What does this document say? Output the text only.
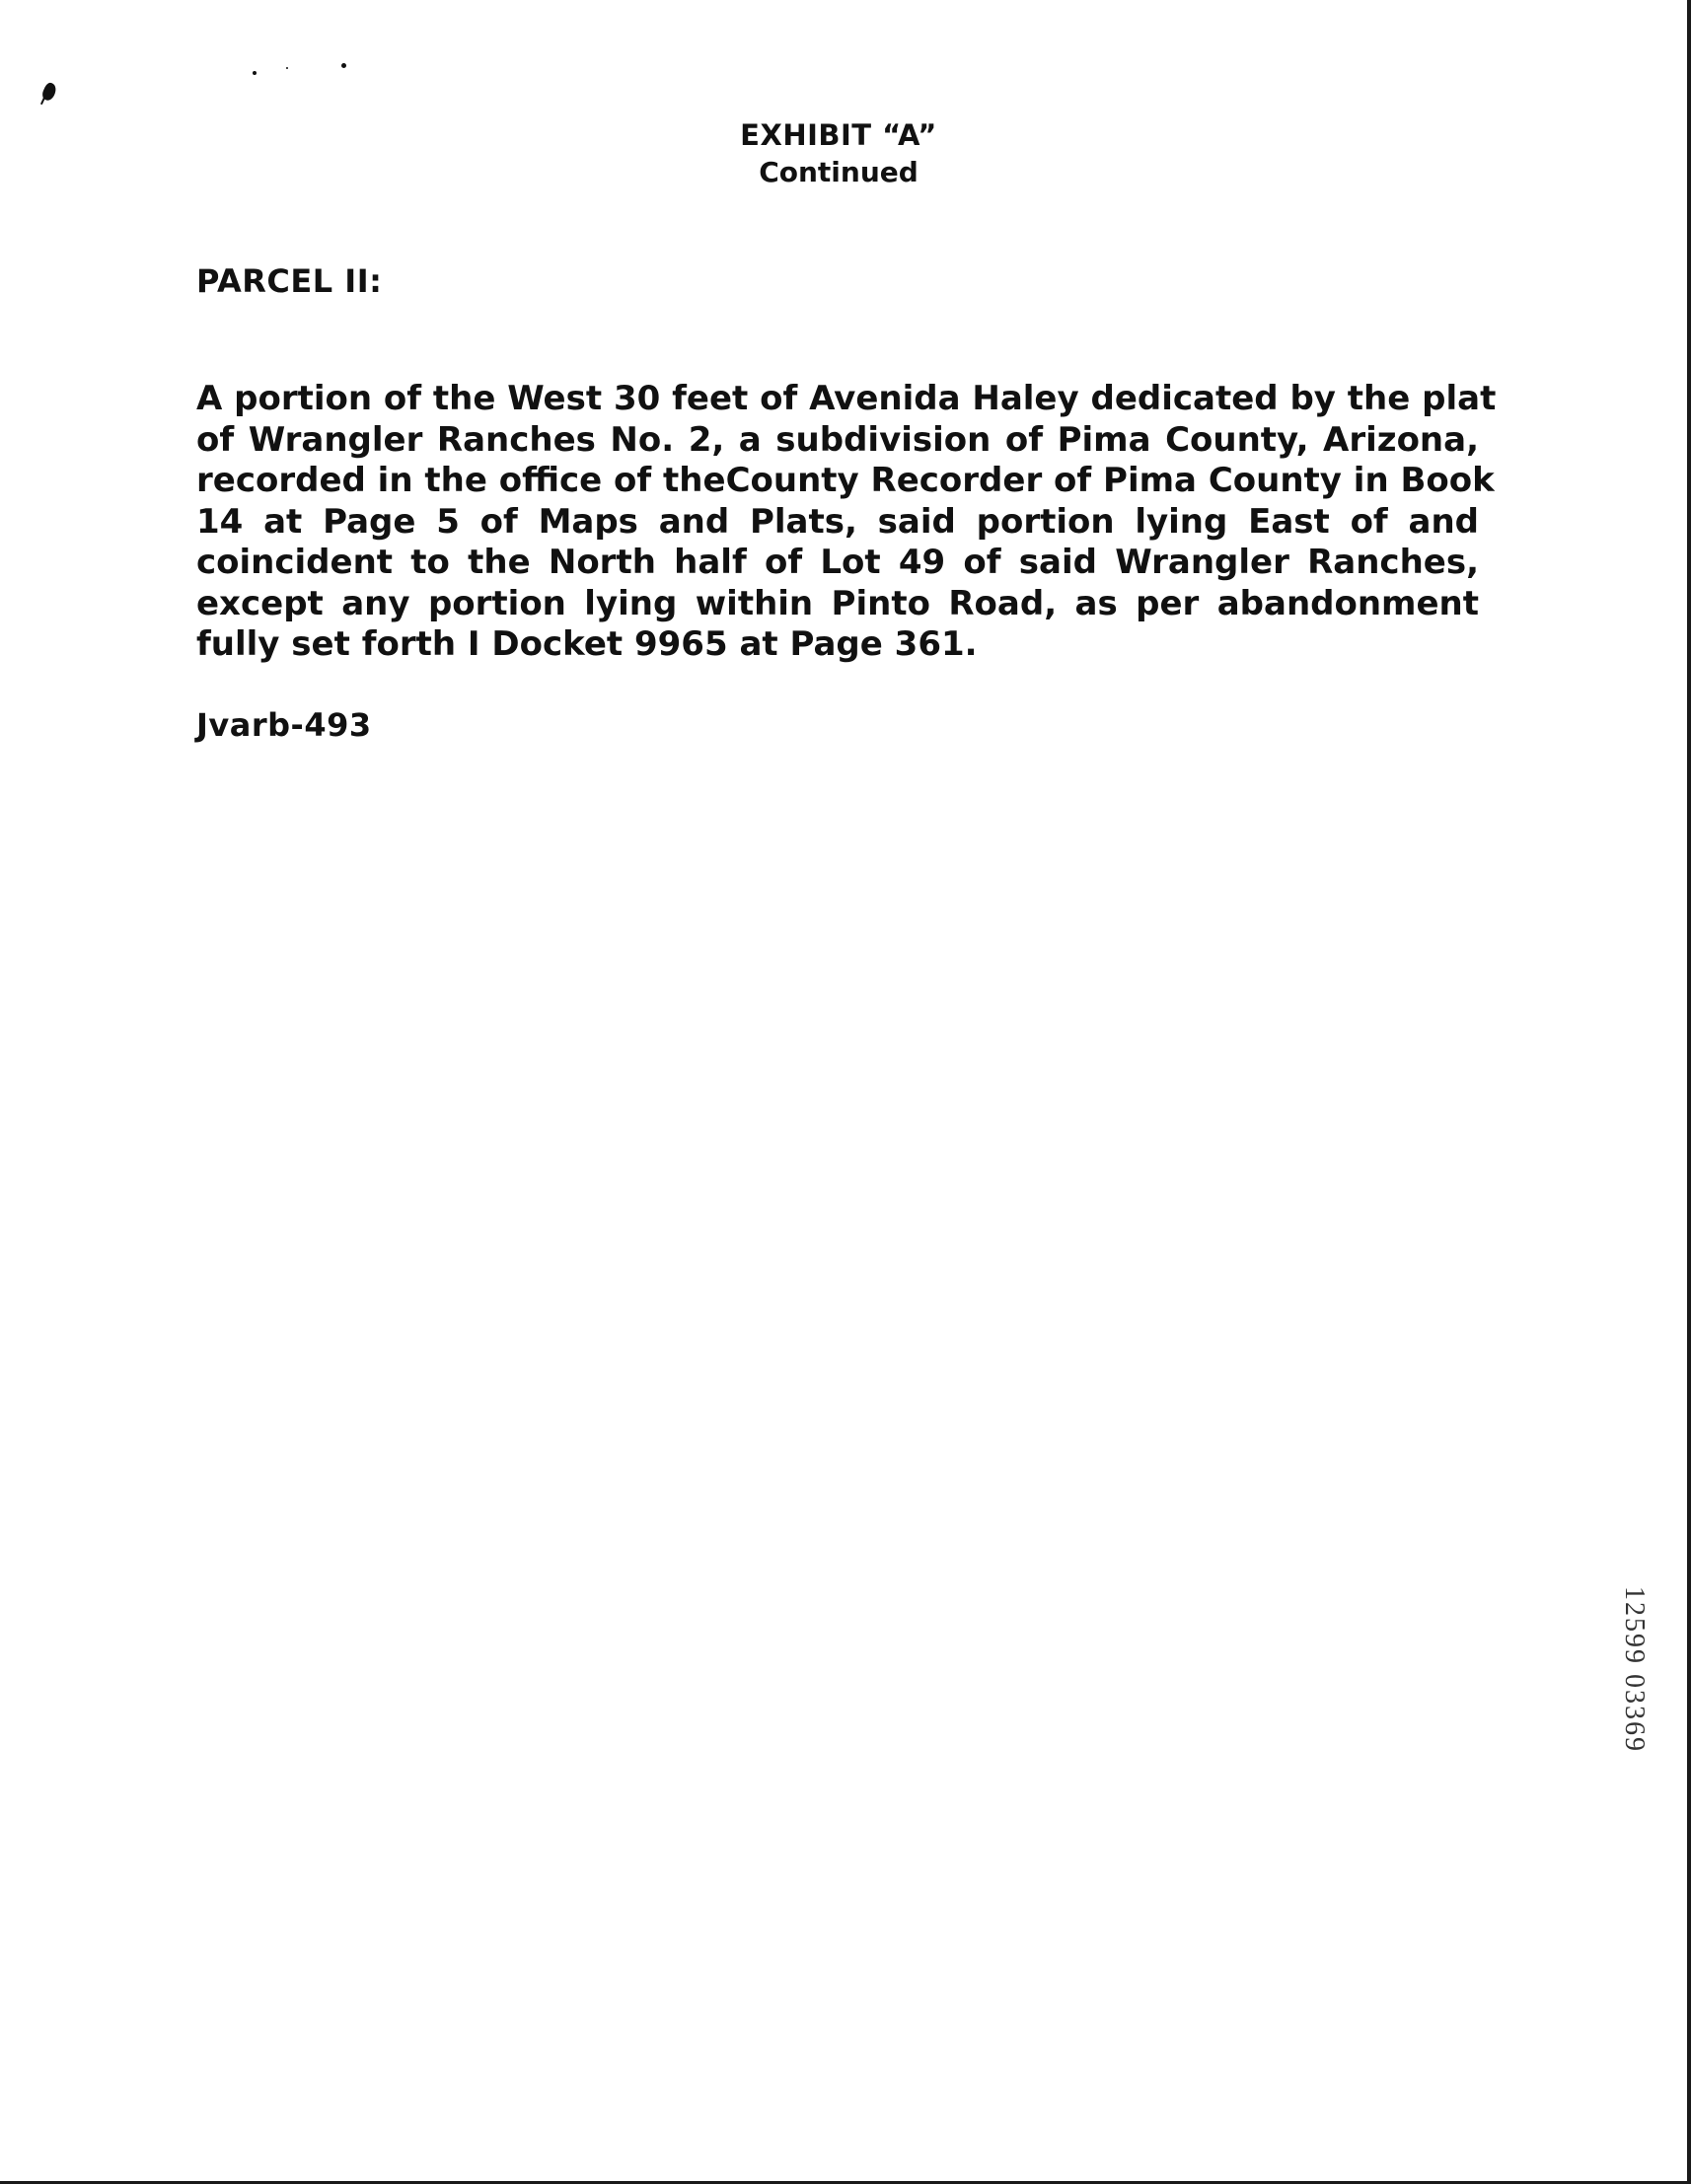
EXHIBIT “A”
Continued
PARCEL II:
A portion of the West 30 feet of Avenida Haley dedicated by the plat
of Wrangler Ranches No. 2, a subdivision of Pima County, Arizona,
recorded in the office of theCounty Recorder of Pima County in Book
14 at Page 5 of Maps and Plats, said portion lying East of and
coincident to the North half of Lot 49 of said Wrangler Ranches,
except any portion lying within Pinto Road, as per abandonment
fully set forth I Docket 9965 at Page 361.
Jvarb-493
12599 03369
